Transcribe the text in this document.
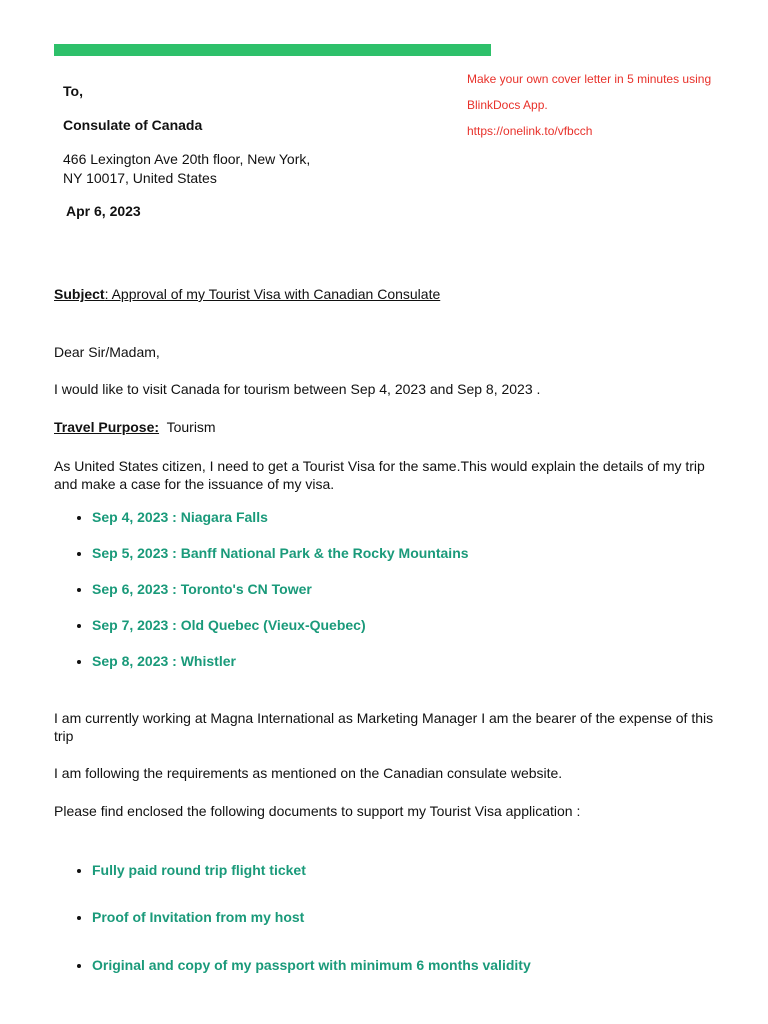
Make your own cover letter in 5 minutes using
BlinkDocs App.
https://onelink.to/vfbcch
To,
Consulate of Canada
466 Lexington Ave 20th floor, New York,
NY 10017, United States
Apr 6, 2023
Subject: Approval of my Tourist Visa with Canadian Consulate
Dear Sir/Madam,
I would like to visit Canada for tourism between Sep 4, 2023 and Sep 8, 2023 .
Travel Purpose: Tourism
As United States citizen, I need to get a Tourist Visa for the same.This would explain the details of my trip and make a case for the issuance of my visa.
• Sep 4, 2023 : Niagara Falls
• Sep 5, 2023 : Banff National Park & the Rocky Mountains
• Sep 6, 2023 : Toronto's CN Tower
• Sep 7, 2023 : Old Quebec (Vieux-Quebec)
• Sep 8, 2023 : Whistler
I am currently working at Magna International as Marketing Manager I am the bearer of the expense of this trip
I am following the requirements as mentioned on the Canadian consulate website.
Please find enclosed the following documents to support my Tourist Visa application :
• Fully paid round trip flight ticket
• Proof of Invitation from my host
• Original and copy of my passport with minimum 6 months validity
